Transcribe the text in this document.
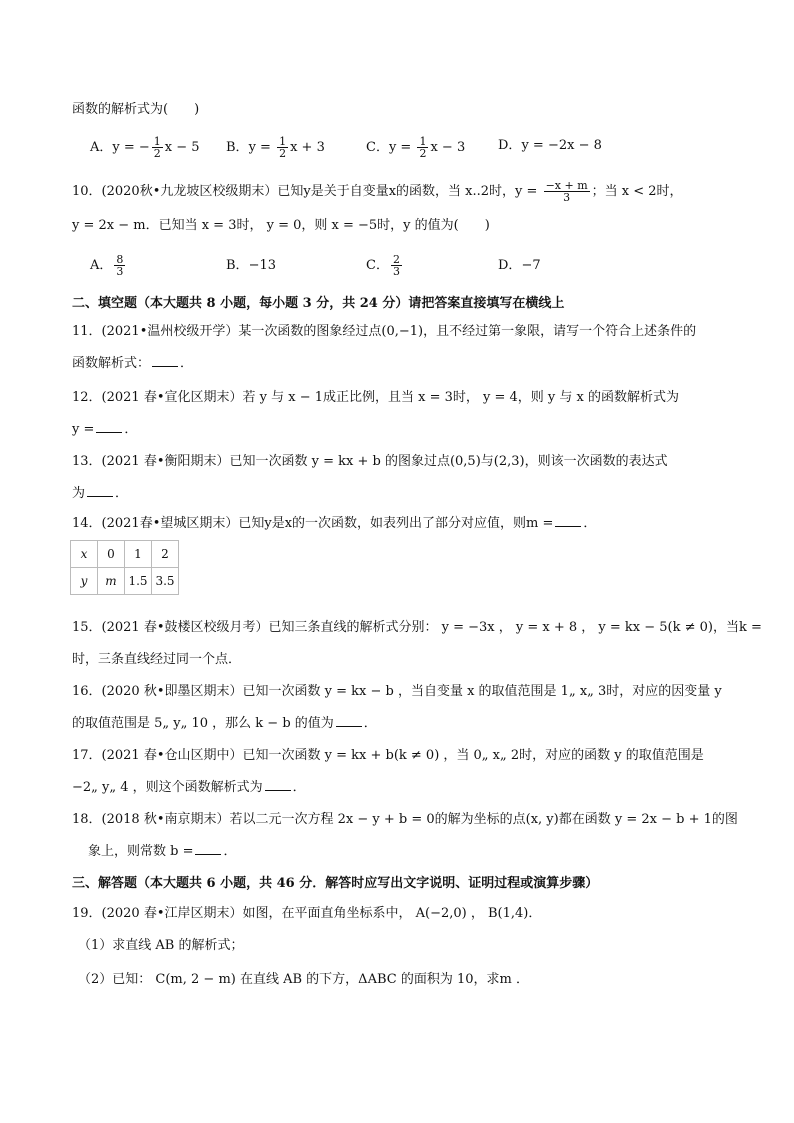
函数的解析式为(　　)
A．y = − $\frac{1}{2}$ x − 5 B．$y = \frac{1}{2}$ x + 3	C．$y = \frac{1}{2}$ x − 3	D．y = −2x − 8
10．(2020秋•九龙坡区校级期末）已知y是关于自变量x的函数，当 x..2时，$y = \frac{-x + m}{3}$ ；当 x < 2时，
y = 2x − m．已知当 x = 3时， y = 0，则 x = −5时，y 的值为(　　)
A． $\frac{8}{3}$	B．−13	C． $\frac{2}{3}$	D．−7
二、填空题（本大题共 8 小题，每小题 3 分，共 24 分）请把答案直接填写在横线上
11．(2021•温州校级开学）某一次函数的图象经过点(0,−1)，且不经过第一象限，请写一个符合上述条件的
函数解析式： ．
12．(2021 春•宣化区期末）若 y 与 x − 1成正比例，且当 x = 3时， y = 4，则 y 与 x 的函数解析式为
y = ．
13．(2021 春•衡阳期末）已知一次函数 y = kx + b 的图象过点(0,5)与(2,3)，则该一次函数的表达式
为 ．
14．(2021春•望城区期末）已知y是x的一次函数，如表列出了部分对应值，则m = ．
x	0	1	2
y	m	1.5	3.5
15．(2021 春•鼓楼区校级月考）已知三条直线的解析式分别： y = −3x ， y = x + 8 ， y = kx − 5(k ≠ 0)，当k =
时，三条直线经过同一个点．
16．(2020 秋•即墨区期末）已知一次函数 y = kx − b ，当自变量 x 的取值范围是 1„ x„ 3时，对应的因变量 y
的取值范围是 5„ y„ 10 ，那么 k − b 的值为 ．
17．(2021 春•仓山区期中）已知一次函数 y = kx + b(k ≠ 0) ，当 0„ x„ 2时，对应的函数 y 的取值范围是
−2„ y„ 4 ，则这个函数解析式为 ．
18．(2018 秋•南京期末）若以二元一次方程 2x − y + b = 0的解为坐标的点(x, y)都在函数 y = 2x − b + 1的图
象上，则常数 b = ．
三、解答题（本大题共 6 小题，共 46 分．解答时应写出文字说明、证明过程或演算步骤）
19．(2020 春•江岸区期末）如图，在平面直角坐标系中， A(−2,0) ， B(1,4)．
（1）求直线 AB 的解析式；
（2）已知： C(m, 2 − m) 在直线 AB 的下方，ΔABC 的面积为 10，求m ．
